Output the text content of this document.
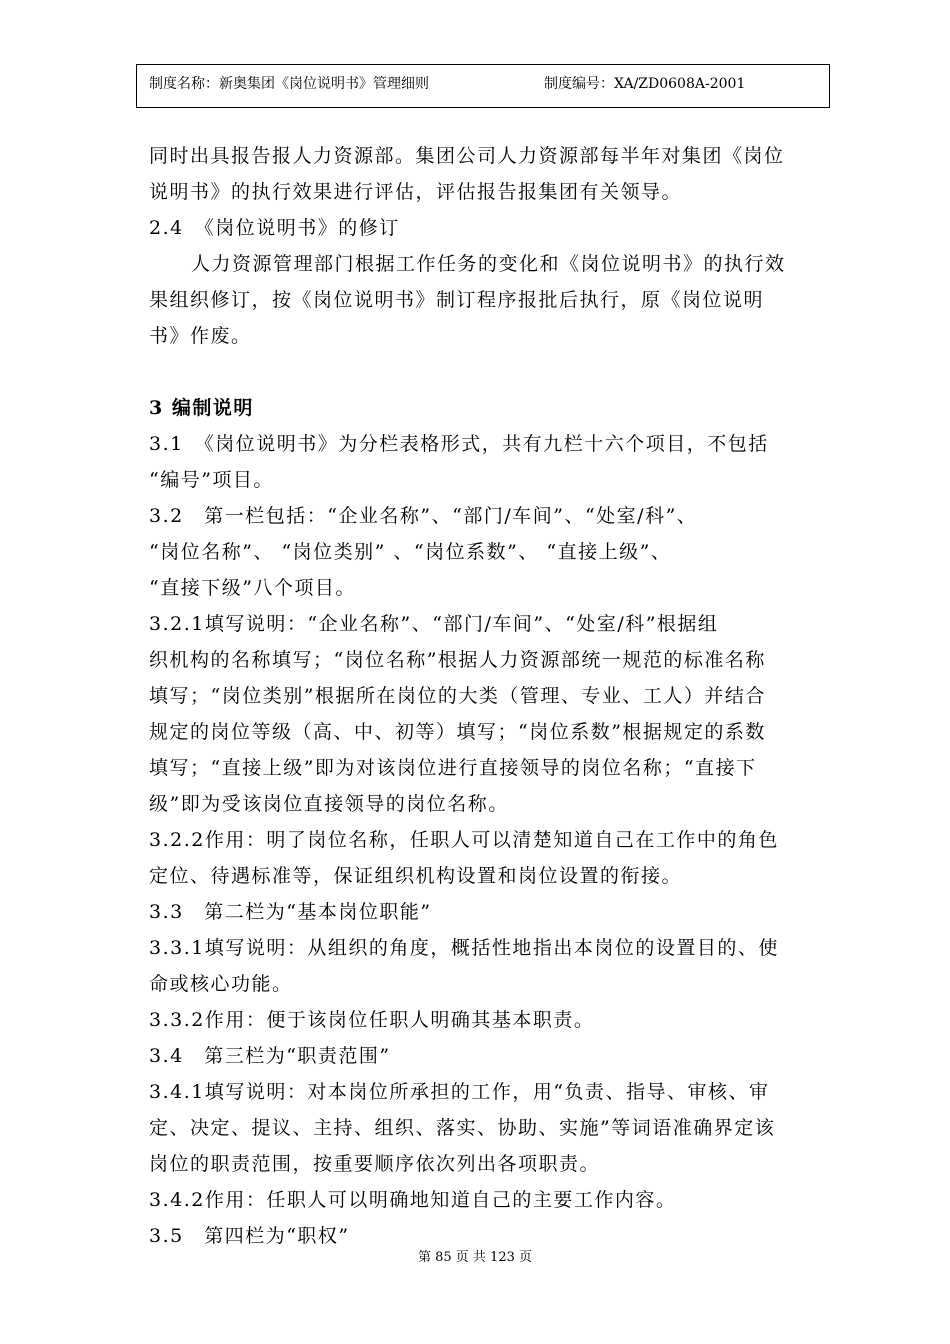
制度名称：新奥集团《岗位说明书》管理细则	制度编号：XA/ZD0608A-2001
同时出具报告报人力资源部。集团公司人力资源部每半年对集团《岗位
说明书》的执行效果进行评估，评估报告报集团有关领导。
2.4　《岗位说明书》的修订
人力资源管理部门根据工作任务的变化和《岗位说明书》的执行效
果组织修订，按《岗位说明书》制订程序报批后执行，原《岗位说明
书》作废。
3 编制说明
3.1　《岗位说明书》为分栏表格形式，共有九栏十六个项目，不包括
“编号”项目。
3.2　第一栏包括：“企业名称”、“部门/车间”、“处室/科”、
“岗位名称”、 “岗位类别” 、“岗位系数”、 “直接上级”、
“直接下级”八个项目。
3.2.1填写说明：“企业名称”、“部门/车间”、“处室/科”根据组
织机构的名称填写；“岗位名称”根据人力资源部统一规范的标准名称
填写；“岗位类别”根据所在岗位的大类（管理、专业、工人）并结合
规定的岗位等级（高、中、初等）填写；“岗位系数”根据规定的系数
填写；“直接上级”即为对该岗位进行直接领导的岗位名称；“直接下
级”即为受该岗位直接领导的岗位名称。
3.2.2作用：明了岗位名称，任职人可以清楚知道自己在工作中的角色
定位、待遇标准等，保证组织机构设置和岗位设置的衔接。
3.3　第二栏为“基本岗位职能”
3.3.1填写说明：从组织的角度，概括性地指出本岗位的设置目的、使
命或核心功能。
3.3.2作用：便于该岗位任职人明确其基本职责。
3.4　第三栏为“职责范围”
3.4.1填写说明：对本岗位所承担的工作，用“负责、指导、审核、审
定、决定、提议、主持、组织、落实、协助、实施”等词语准确界定该
岗位的职责范围，按重要顺序依次列出各项职责。
3.4.2作用：任职人可以明确地知道自己的主要工作内容。
3.5　第四栏为“职权”
第 85 页 共 123 页
